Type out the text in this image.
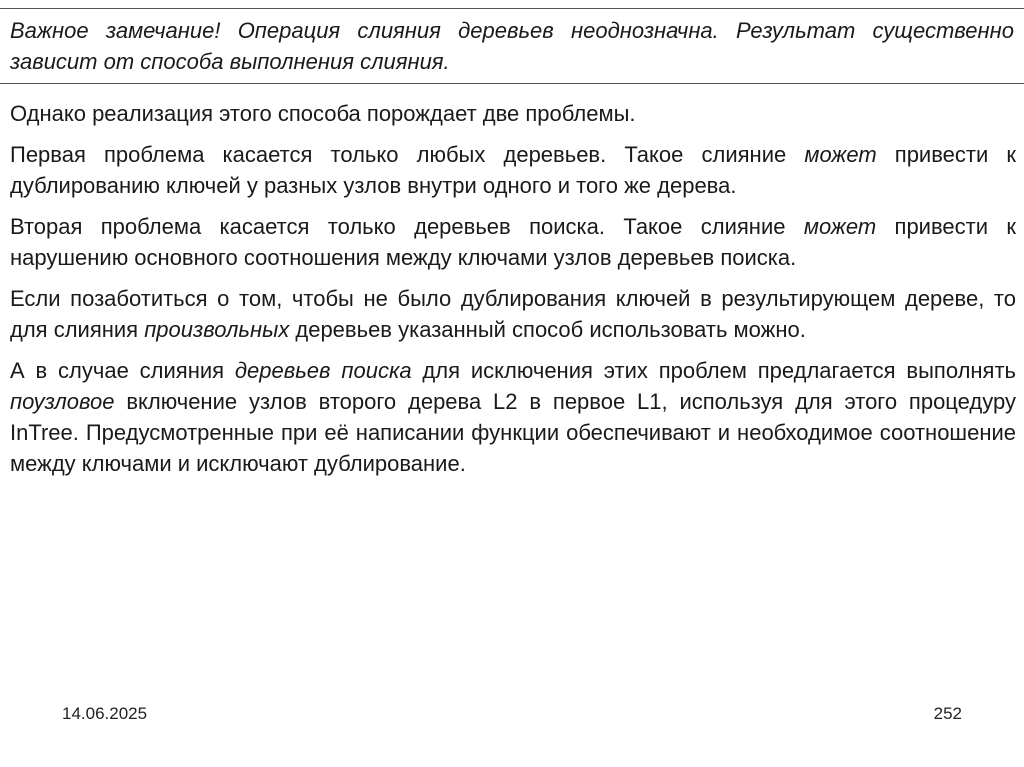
Важное замечание! Операция слияния деревьев неоднозначна. Результат существенно зависит от способа выполнения слияния.

Однако реализация этого способа порождает две проблемы.

Первая проблема касается только любых деревьев. Такое слияние может привести к дублированию ключей у разных узлов внутри одного и того же дерева.

Вторая проблема касается только деревьев поиска. Такое слияние может привести к нарушению основного соотношения между ключами узлов деревьев поиска.

Если позаботиться о том, чтобы не было дублирования ключей в результирующем дереве, то для слияния произвольных деревьев указанный способ использовать можно.

А в случае слияния деревьев поиска для исключения этих проблем предлагается выполнять поузловое включение узлов второго дерева L2 в первое L1, используя для этого процедуру InTree. Предусмотренные при её написании функции обеспечивают и необходимое соотношение между ключами и исключают дублирование.

14.06.2025	252
